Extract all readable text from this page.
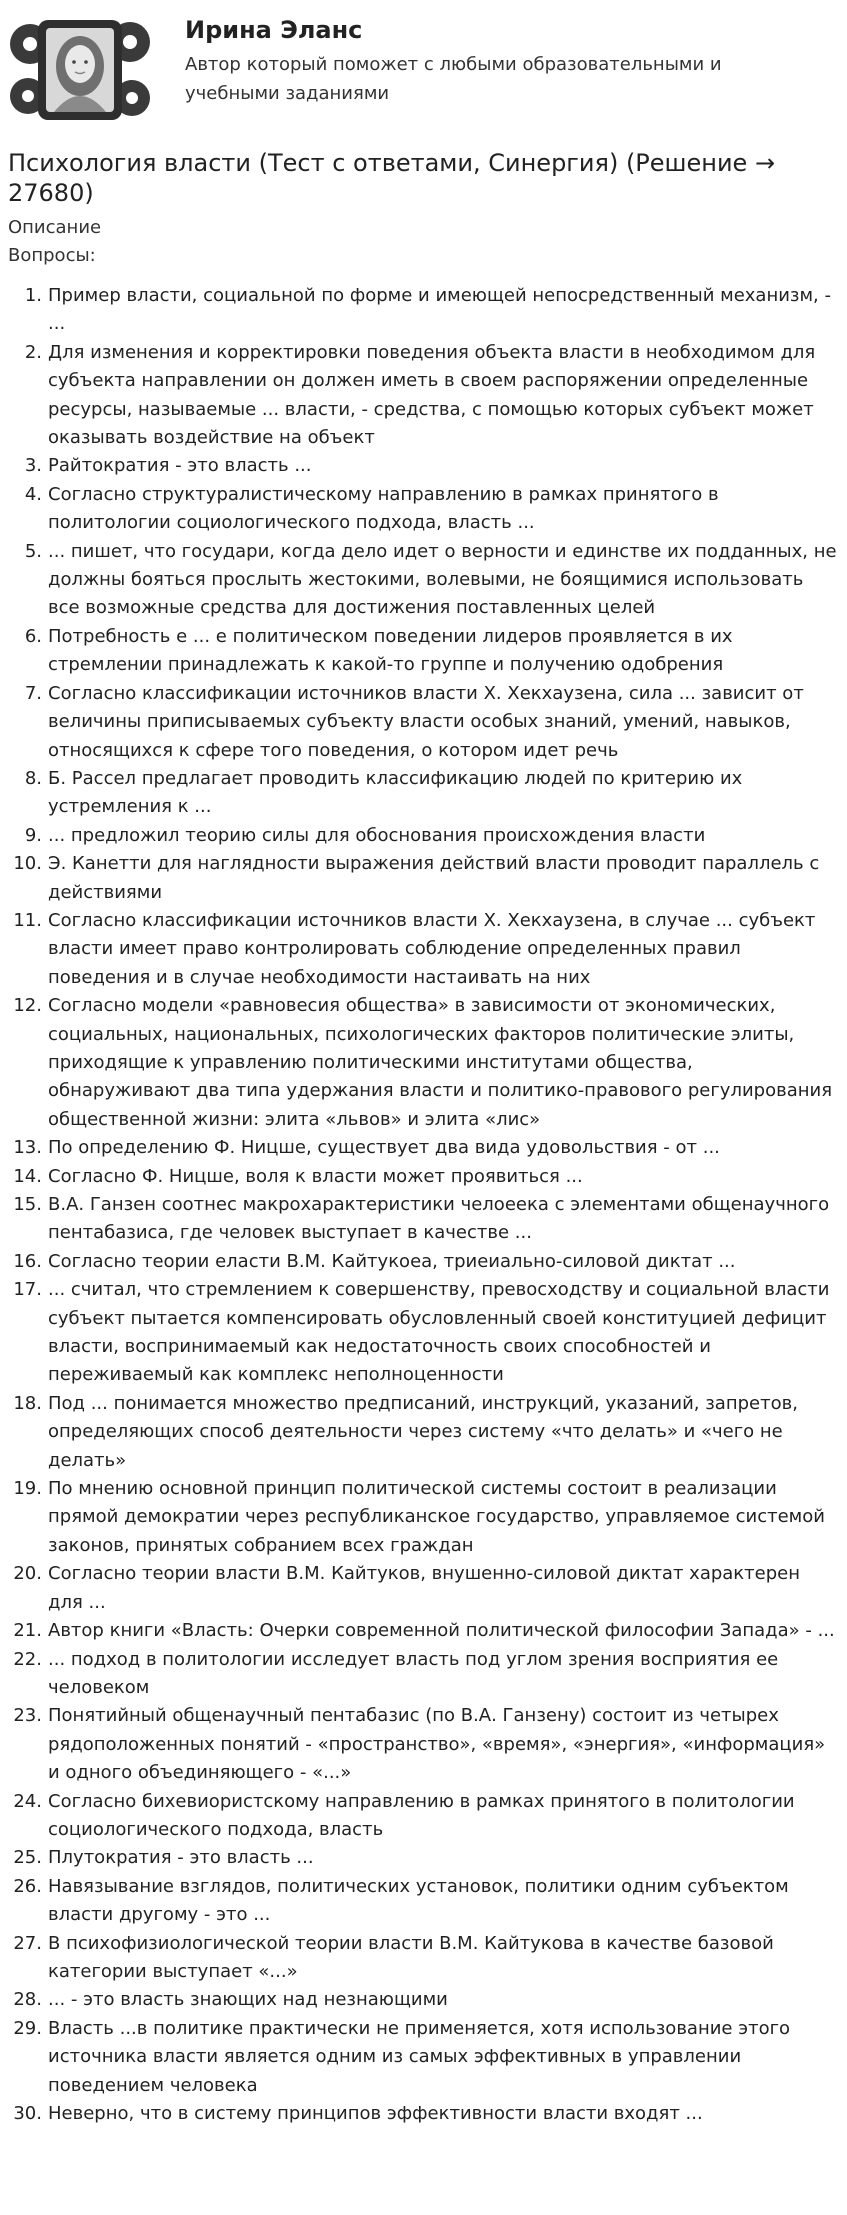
Ирина Эланс
Автор который поможет с любыми образовательными и учебными заданиями
Психология власти (Тест с ответами, Синергия) (Решение → 27680)
Описание
Вопросы:
1. Пример власти, социальной по форме и имеющей непосредственный механизм, - ...
2. Для изменения и корректировки поведения объекта власти в необходимом для субъекта направлении он должен иметь в своем распоряжении определенные ресурсы, называемые ... власти, - средства, с помощью которых субъект может оказывать воздействие на объект
3. Райтократия - это власть ...
4. Согласно структуралистическому направлению в рамках принятого в политологии социологического подхода, власть ...
5. ... пишет, что государи, когда дело идет о верности и единстве их подданных, не должны бояться прослыть жестокими, волевыми, не боящимися использовать все возможные средства для достижения поставленных целей
6. Потребность е ... е политическом поведении лидеров проявляется в их стремлении принадлежать к какой-то группе и получению одобрения
7. Согласно классификации источников власти Х. Хекхаузена, сила ... зависит от величины приписываемых субъекту власти особых знаний, умений, навыков, относящихся к сфере того поведения, о котором идет речь
8. Б. Рассел предлагает проводить классификацию людей по критерию их устремления к ...
9. ... предложил теорию силы для обоснования происхождения власти
10. Э. Канетти для наглядности выражения действий власти проводит параллель с действиями
11. Согласно классификации источников власти Х. Хекхаузена, в случае ... субъект власти имеет право контролировать соблюдение определенных правил поведения и в случае необходимости настаивать на них
12. Согласно модели «равновесия общества» в зависимости от экономических, социальных, национальных, психологических факторов политические элиты, приходящие к управлению политическими институтами общества, обнаруживают два типа удержания власти и политико-правового регулирования общественной жизни: элита «львов» и элита «лис»
13. По определению Ф. Ницше, существует два вида удовольствия - от ...
14. Согласно Ф. Ницше, воля к власти может проявиться ...
15. В.А. Ганзен соотнес макрохарактеристики челоеека с элементами общенаучного пентабазиса, где человек выступает в качестве ...
16. Согласно теории еласти В.М. Кайтукоеа, триеиально-силовой диктат ...
17. ... считал, что стремлением к совершенству, превосходству и социальной власти субъект пытается компенсировать обусловленный своей конституцией дефицит власти, воспринимаемый как недостаточность своих способностей и переживаемый как комплекс неполноценности
18. Под ... понимается множество предписаний, инструкций, указаний, запретов, определяющих способ деятельности через систему «что делать» и «чего не делать»
19. По мнению основной принцип политической системы состоит в реализации прямой демократии через республиканское государство, управляемое системой законов, принятых собранием всех граждан
20. Согласно теории власти В.М. Кайтуков, внушенно-силовой диктат характерен для ...
21. Автор книги «Власть: Очерки современной политической философии Запада» - ...
22. ... подход в политологии исследует власть под углом зрения восприятия ее человеком
23. Понятийный общенаучный пентабазис (по В.А. Ганзену) состоит из четырех рядоположенных понятий - «пространство», «время», «энергия», «информация» и одного объединяющего - «...»
24. Согласно бихевиористскому направлению в рамках принятого в политологии социологического подхода, власть
25. Плутократия - это власть ...
26. Навязывание взглядов, политических установок, политики одним субъектом власти другому - это ...
27. В психофизиологической теории власти В.М. Кайтукова в качестве базовой категории выступает «...»
28. ... - это власть знающих над незнающими
29. Власть ...в политике практически не применяется, хотя использование этого источника власти является одним из самых эффективных в управлении поведением человека
30. Неверно, что в систему принципов эффективности власти входят ...
